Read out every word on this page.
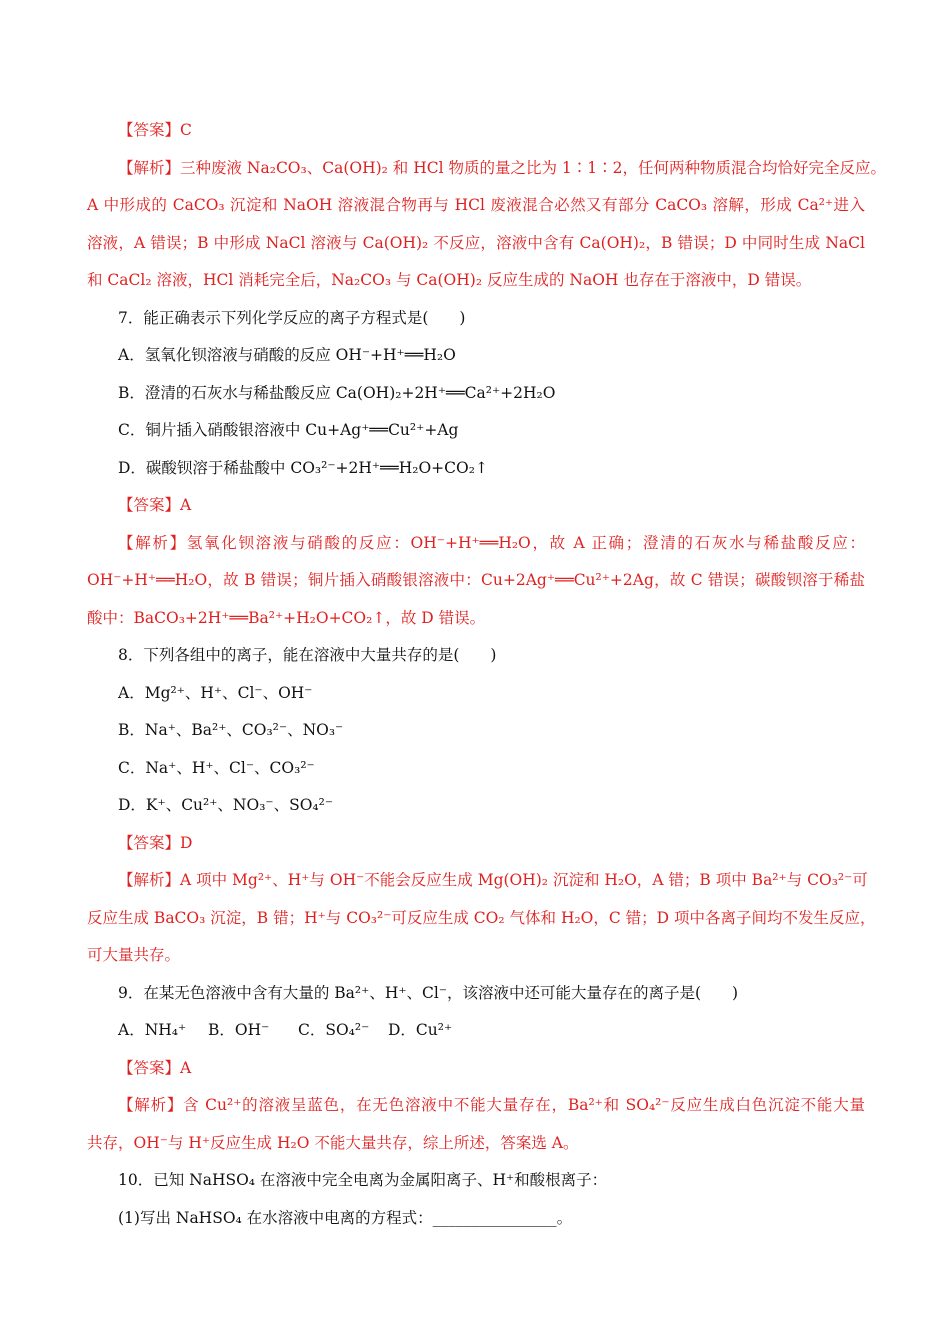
【答案】C
【解析】三种废液 Na₂CO₃、Ca(OH)₂ 和 HCl 物质的量之比为 1∶1∶2，任何两种物质混合均恰好完全反应。
A 中形成的 CaCO₃ 沉淀和 NaOH 溶液混合物再与 HCl 废液混合必然又有部分 CaCO₃ 溶解，形成 Ca²⁺进入
溶液，A 错误；B 中形成 NaCl 溶液与 Ca(OH)₂ 不反应，溶液中含有 Ca(OH)₂，B 错误；D 中同时生成 NaCl
和 CaCl₂ 溶液，HCl 消耗完全后，Na₂CO₃ 与 Ca(OH)₂ 反应生成的 NaOH 也存在于溶液中，D 错误。
7．能正确表示下列化学反应的离子方程式是(　　)
A．氢氧化钡溶液与硝酸的反应 OH⁻+H⁺══H₂O
B．澄清的石灰水与稀盐酸反应 Ca(OH)₂+2H⁺══Ca²⁺+2H₂O
C．铜片插入硝酸银溶液中 Cu+Ag⁺══Cu²⁺+Ag
D．碳酸钡溶于稀盐酸中 CO₃²⁻+2H⁺══H₂O+CO₂↑
【答案】A
【解析】氢氧化钡溶液与硝酸的反应：OH⁻+H⁺══H₂O，故 A 正确；澄清的石灰水与稀盐酸反应：
OH⁻+H⁺══H₂O，故 B 错误；铜片插入硝酸银溶液中：Cu+2Ag⁺══Cu²⁺+2Ag，故 C 错误；碳酸钡溶于稀盐
酸中：BaCO₃+2H⁺══Ba²⁺+H₂O+CO₂↑，故 D 错误。
8．下列各组中的离子，能在溶液中大量共存的是(　　)
A．Mg²⁺、H⁺、Cl⁻、OH⁻
B．Na⁺、Ba²⁺、CO₃²⁻、NO₃⁻
C．Na⁺、H⁺、Cl⁻、CO₃²⁻
D．K⁺、Cu²⁺、NO₃⁻、SO₄²⁻
【答案】D
【解析】A 项中 Mg²⁺、H⁺与 OH⁻不能会反应生成 Mg(OH)₂ 沉淀和 H₂O，A 错；B 项中 Ba²⁺与 CO₃²⁻可
反应生成 BaCO₃ 沉淀，B 错；H⁺与 CO₃²⁻可反应生成 CO₂ 气体和 H₂O，C 错；D 项中各离子间均不发生反应，
可大量共存。
9．在某无色溶液中含有大量的 Ba²⁺、H⁺、Cl⁻，该溶液中还可能大量存在的离子是(　　)
A．NH₄⁺ B．OH⁻ C．SO₄²⁻ D．Cu²⁺
【答案】A
【解析】含 Cu²⁺的溶液呈蓝色，在无色溶液中不能大量存在，Ba²⁺和 SO₄²⁻反应生成白色沉淀不能大量
共存，OH⁻与 H⁺反应生成 H₂O 不能大量共存，综上所述，答案选 A。
10．已知 NaHSO₄ 在溶液中完全电离为金属阳离子、H⁺和酸根离子：
(1)写出 NaHSO₄ 在水溶液中电离的方程式：________________。
